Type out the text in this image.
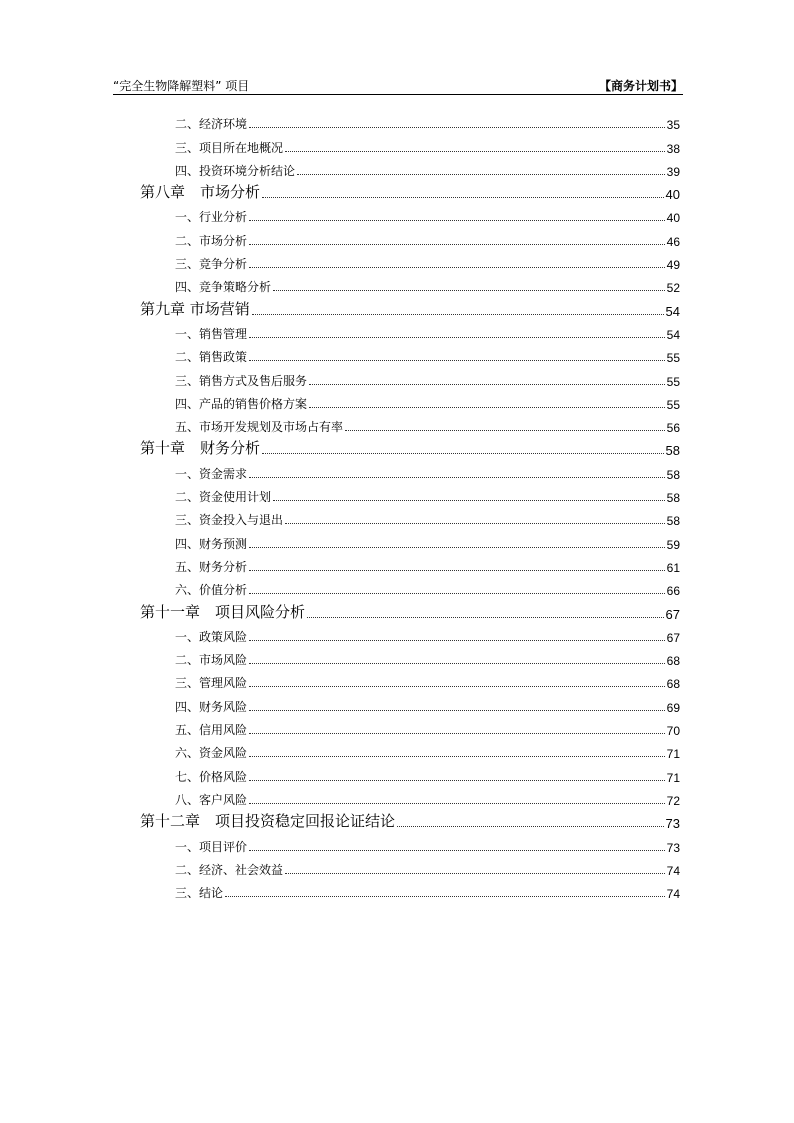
“完全生物降解塑料” 项目	【商务计划书】
二、经济环境	35
三、项目所在地概况	38
四、投资环境分析结论	39
第八章　市场分析	40
一、行业分析	40
二、市场分析	46
三、竞争分析	49
四、竞争策略分析	52
第九章 市场营销	54
一、销售管理	54
二、销售政策	55
三、销售方式及售后服务	55
四、产品的销售价格方案	55
五、市场开发规划及市场占有率	56
第十章　财务分析	58
一、资金需求	58
二、资金使用计划	58
三、资金投入与退出	58
四、财务预测	59
五、财务分析	61
六、价值分析	66
第十一章　项目风险分析	67
一、政策风险	67
二、市场风险	68
三、管理风险	68
四、财务风险	69
五、信用风险	70
六、资金风险	71
七、价格风险	71
八、客户风险	72
第十二章　项目投资稳定回报论证结论	73
一、项目评价	73
二、经济、社会效益	74
三、结论	74
